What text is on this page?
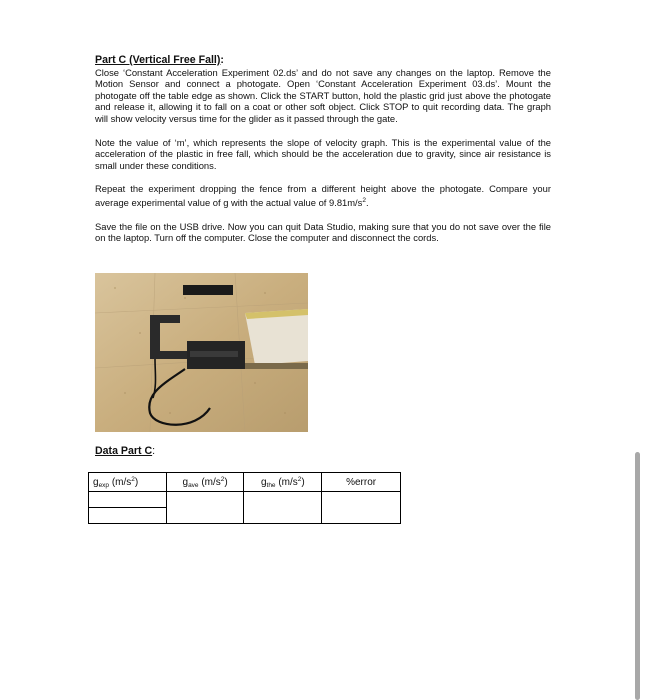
Part C (Vertical Free Fall):

Close ‘Constant Acceleration Experiment 02.ds’ and do not save any changes on the laptop. Remove the Motion Sensor and connect a photogate. Open ‘Constant Acceleration Experiment 03.ds’. Mount the photogate off the table edge as shown. Click the START button, hold the plastic grid just above the photogate and release it, allowing it to fall on a coat or other soft object. Click STOP to quit recording data. The graph will show velocity versus time for the glider as it passed through the gate.

Note the value of ‘m’, which represents the slope of velocity graph. This is the experimental value of the acceleration of the plastic in free fall, which should be the acceleration due to gravity, since air resistance is small under these conditions.

Repeat the experiment dropping the fence from a different height above the photogate. Compare your average experimental value of g with the actual value of $9.81m/s^2$.

Save the file on the USB drive. Now you can quit Data Studio, making sure that you do not save over the file on the laptop. Turn off the computer. Close the computer and disconnect the cords.

Data Part C:
$g_{exp}$ $(m/s^2)$	$g_{ave}$ $(m/s^2)$	$g_{the}$ $(m/s^2)$	%error
